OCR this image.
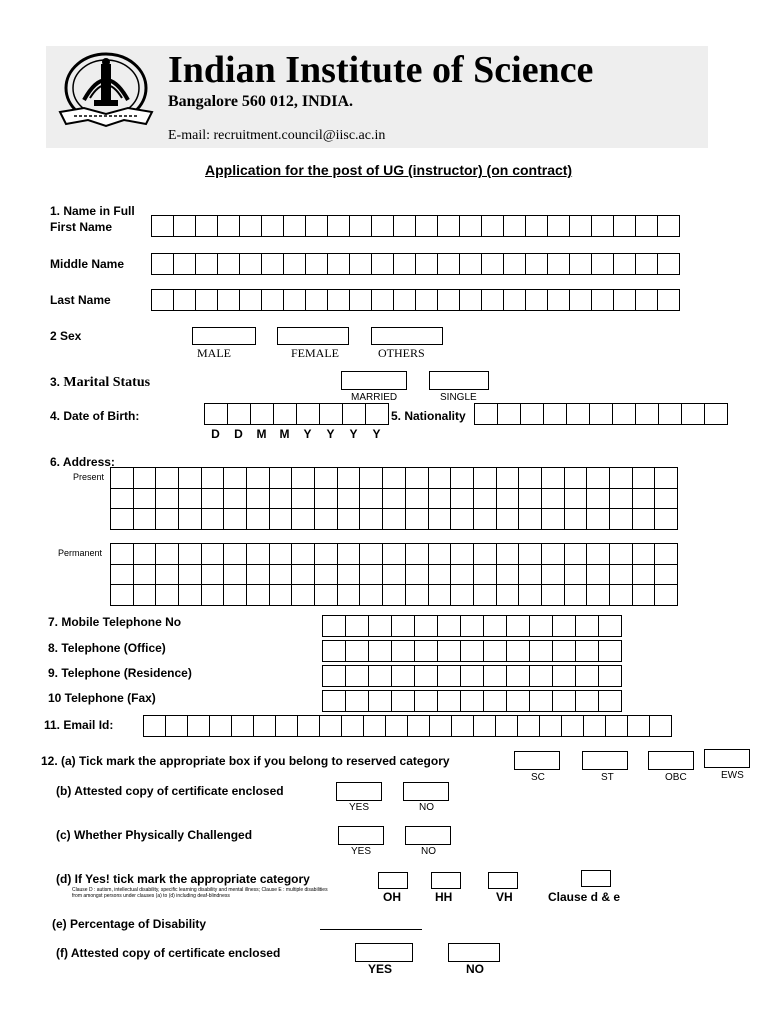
Indian Institute of Science
Bangalore 560 012, INDIA.
E-mail: recruitment.council@iisc.ac.in
Application for the post of UG (instructor) (on contract)
1. Name in Full
First Name
Middle Name
Last Name
2 Sex
MALE	FEMALE	OTHERS
3. Marital Status
MARRIED	SINGLE
4. Date of Birth:
D	D	M	M	Y	Y	Y	Y
5. Nationality
6. Address:
Present
Permanent
7. Mobile Telephone No
8. Telephone (Office)
9. Telephone (Residence)
10 Telephone (Fax)
11. Email Id:
12. (a) Tick mark the appropriate box if you belong to reserved category
SC	ST	OBC	EWS
(b) Attested copy of certificate enclosed
YES	NO
(c) Whether Physically Challenged
YES	NO
(d) If Yes! tick mark the appropriate category
Clause D : autism, intellectual disability, specific learning disability and mental illness; Clause E : multiple disabilities from amongst persons under clauses (a) to (d) including deaf-blindness	OH	HH	VH	Clause d & e
(e) Percentage of Disability
(f) Attested copy of certificate enclosed
YES	NO
